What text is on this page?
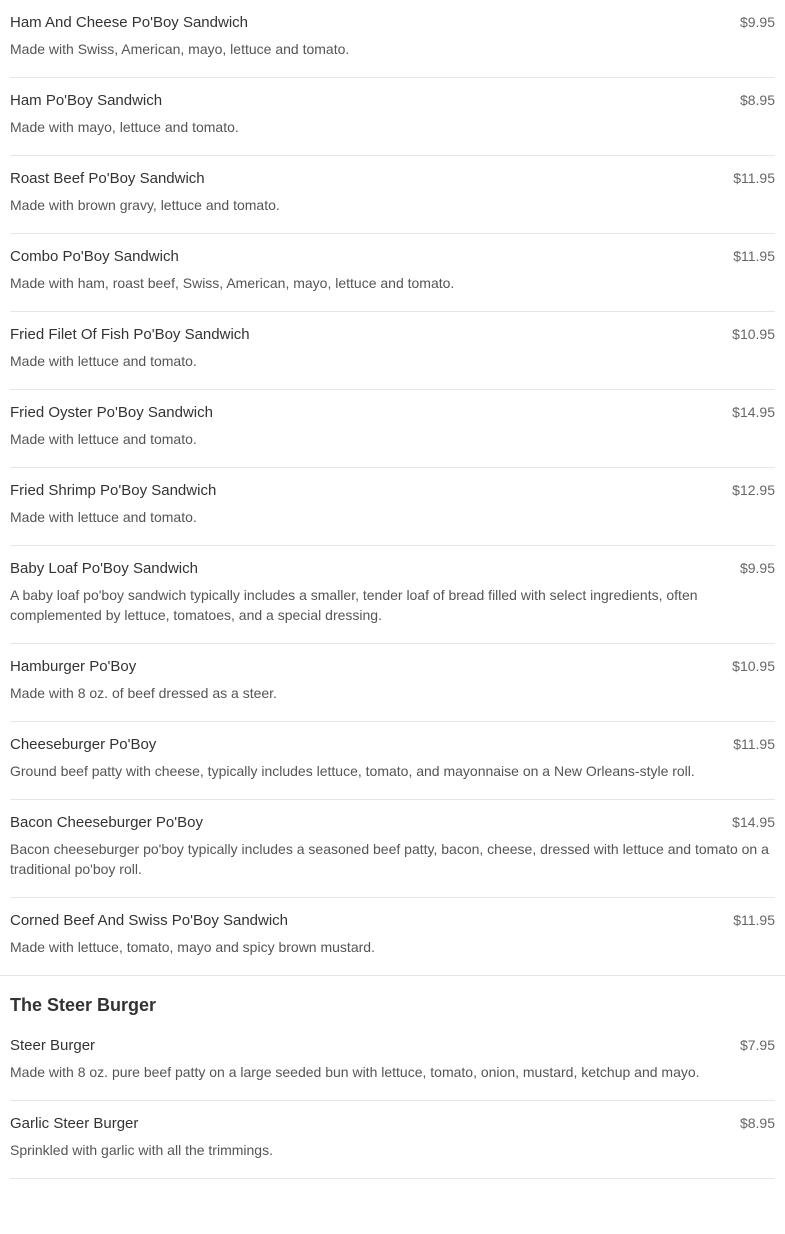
Ham And Cheese Po'Boy Sandwich	$9.95
Made with Swiss, American, mayo, lettuce and tomato.
Ham Po'Boy Sandwich	$8.95
Made with mayo, lettuce and tomato.
Roast Beef Po'Boy Sandwich	$11.95
Made with brown gravy, lettuce and tomato.
Combo Po'Boy Sandwich	$11.95
Made with ham, roast beef, Swiss, American, mayo, lettuce and tomato.
Fried Filet Of Fish Po'Boy Sandwich	$10.95
Made with lettuce and tomato.
Fried Oyster Po'Boy Sandwich	$14.95
Made with lettuce and tomato.
Fried Shrimp Po'Boy Sandwich	$12.95
Made with lettuce and tomato.
Baby Loaf Po'Boy Sandwich	$9.95
A baby loaf po'boy sandwich typically includes a smaller, tender loaf of bread filled with select ingredients, often complemented by lettuce, tomatoes, and a special dressing.
Hamburger Po'Boy	$10.95
Made with 8 oz. of beef dressed as a steer.
Cheeseburger Po'Boy	$11.95
Ground beef patty with cheese, typically includes lettuce, tomato, and mayonnaise on a New Orleans-style roll.
Bacon Cheeseburger Po'Boy	$14.95
Bacon cheeseburger po'boy typically includes a seasoned beef patty, bacon, cheese, dressed with lettuce and tomato on a traditional po'boy roll.
Corned Beef And Swiss Po'Boy Sandwich	$11.95
Made with lettuce, tomato, mayo and spicy brown mustard.
The Steer Burger
Steer Burger	$7.95
Made with 8 oz. pure beef patty on a large seeded bun with lettuce, tomato, onion, mustard, ketchup and mayo.
Garlic Steer Burger	$8.95
Sprinkled with garlic with all the trimmings.
